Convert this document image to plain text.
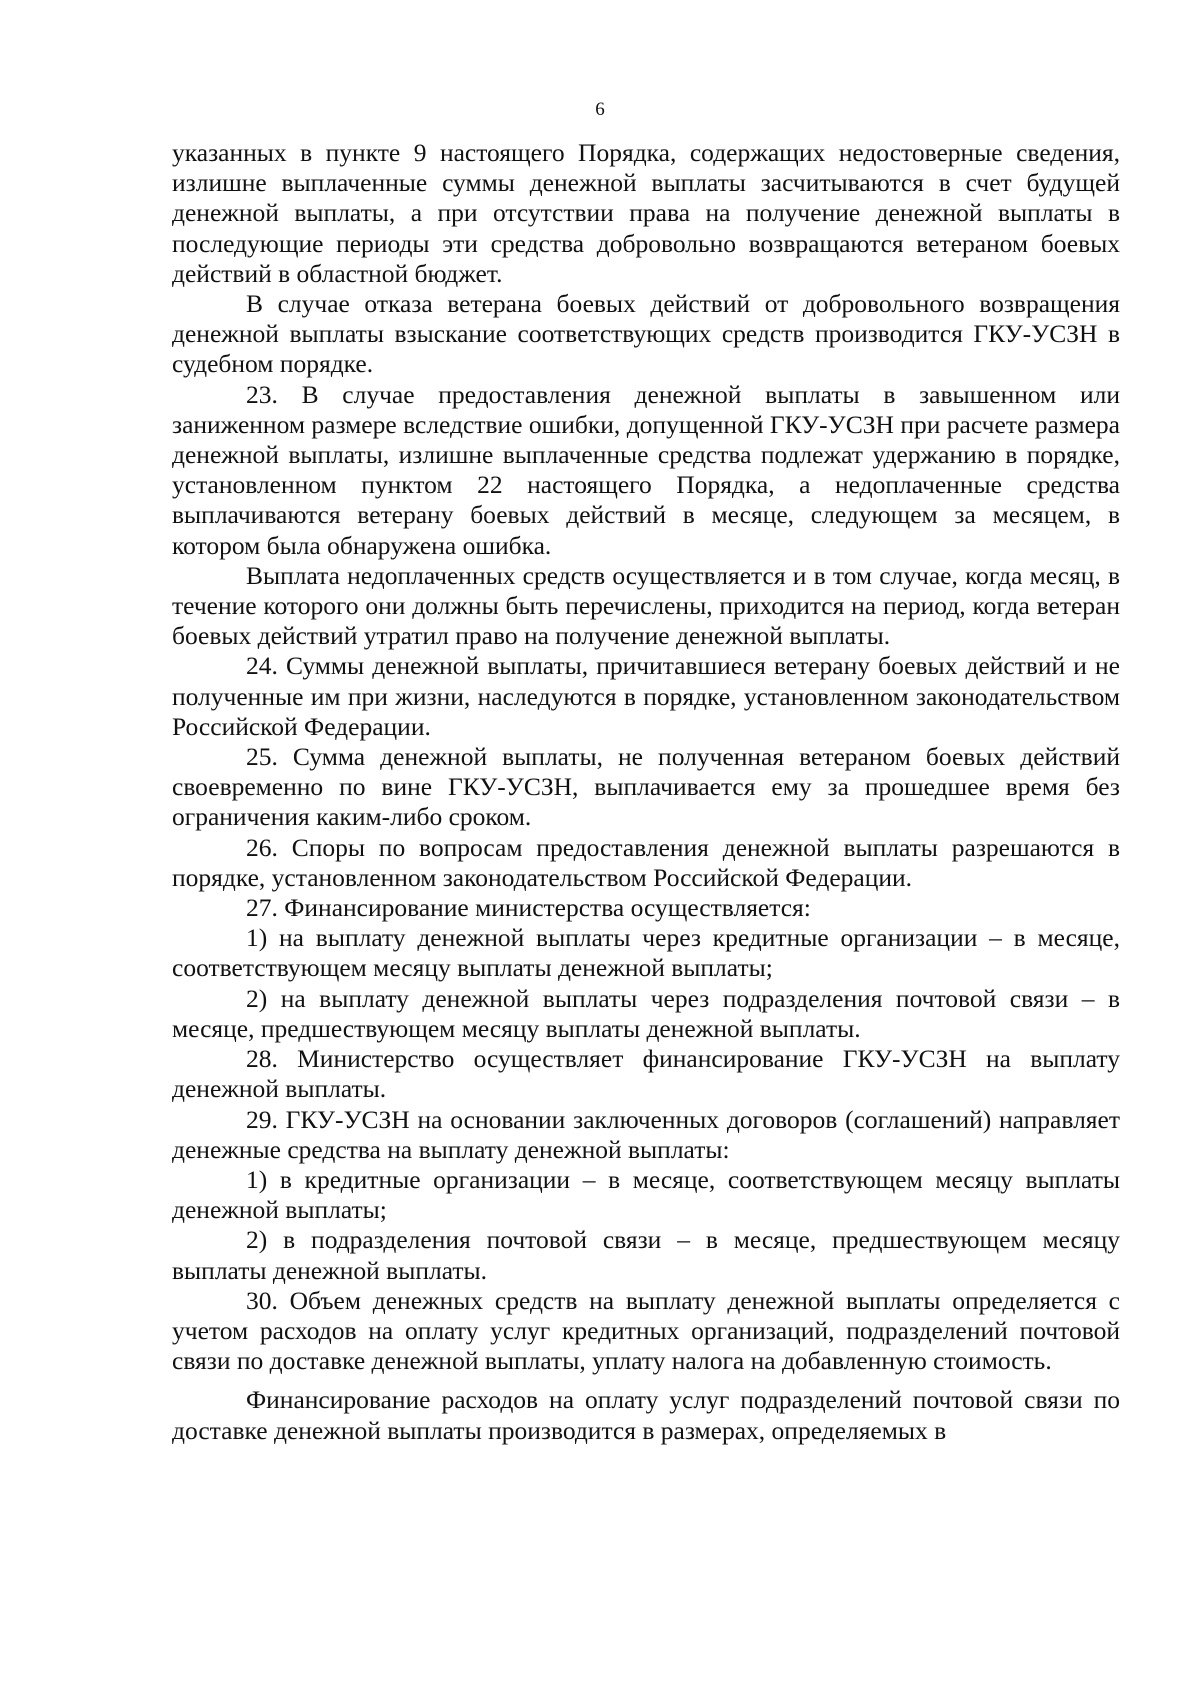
6

указанных в пункте 9 настоящего Порядка, содержащих недостоверные сведения, излишне выплаченные суммы денежной выплаты засчитываются в счет будущей денежной выплаты, а при отсутствии права на получение денежной выплаты в последующие периоды эти средства добровольно возвращаются ветераном боевых действий в областной бюджет.

В случае отказа ветерана боевых действий от добровольного возвращения денежной выплаты взыскание соответствующих средств производится ГКУ-УСЗН в судебном порядке.

23. В случае предоставления денежной выплаты в завышенном или заниженном размере вследствие ошибки, допущенной ГКУ-УСЗН при расчете размера денежной выплаты, излишне выплаченные средства подлежат удержанию в порядке, установленном пунктом 22 настоящего Порядка, а недоплаченные средства выплачиваются ветерану боевых действий в месяце, следующем за месяцем, в котором была обнаружена ошибка.

Выплата недоплаченных средств осуществляется и в том случае, когда месяц, в течение которого они должны быть перечислены, приходится на период, когда ветеран боевых действий утратил право на получение денежной выплаты.

24. Суммы денежной выплаты, причитавшиеся ветерану боевых действий и не полученные им при жизни, наследуются в порядке, установленном законодательством Российской Федерации.

25. Сумма денежной выплаты, не полученная ветераном боевых действий своевременно по вине ГКУ-УСЗН, выплачивается ему за прошедшее время без ограничения каким-либо сроком.

26. Споры по вопросам предоставления денежной выплаты разрешаются в порядке, установленном законодательством Российской Федерации.

27. Финансирование министерства осуществляется:

1) на выплату денежной выплаты через кредитные организации – в месяце, соответствующем месяцу выплаты денежной выплаты;

2) на выплату денежной выплаты через подразделения почтовой связи – в месяце, предшествующем месяцу выплаты денежной выплаты.

28. Министерство осуществляет финансирование ГКУ-УСЗН на выплату денежной выплаты.

29. ГКУ-УСЗН на основании заключенных договоров (соглашений) направляет денежные средства на выплату денежной выплаты:

1) в кредитные организации – в месяце, соответствующем месяцу выплаты денежной выплаты;

2) в подразделения почтовой связи – в месяце, предшествующем месяцу выплаты денежной выплаты.

30. Объем денежных средств на выплату денежной выплаты определяется с учетом расходов на оплату услуг кредитных организаций, подразделений почтовой связи по доставке денежной выплаты, уплату налога на добавленную стоимость.

Финансирование расходов на оплату услуг подразделений почтовой связи по доставке денежной выплаты производится в размерах, определяемых в
